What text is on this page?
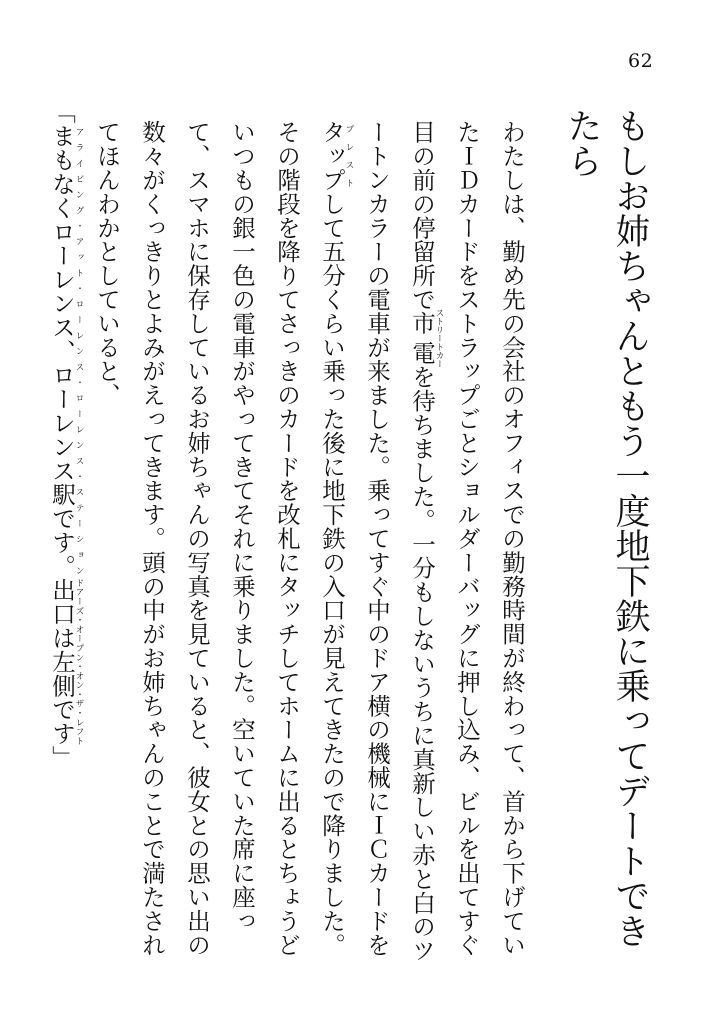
62
もしお姉ちゃんともう一度地下鉄に乗ってデートできたら

わたしは、勤め先の会社のオフィスでの勤務時間が終わって、首から下げていたＩＤカードをストラップごとショルダーバッグに押し込み、ビルを出てすぐ目の前の停留所で市電ストリートカーを待ちました。一分もしないうちに真新しい赤と白のツートンカラーの電車が来ました。乗ってすぐ中のドア横の機械にＩＣカードをタッププレストして五分くらい乗った後に地下鉄の入口が見えてきたので降りました。その階段を降りてさっきのカードを改札にタッチしてホームに出るとちょうどいつもの銀一色の電車がやってきてそれに乗りました。空いていた席に座って、スマホに保存しているお姉ちゃんの写真を見ていると、彼女との思い出の数々がくっきりとよみがえってきます。頭の中がお姉ちゃんのことで満たされてほんわかとしていると、

「まもなくローレンス、ローレンス駅です。アライビング・アット・ローレンス・ローレンス・ステーション出口は左側ですドアーズ・オープン・オン・ザ・レフト」
